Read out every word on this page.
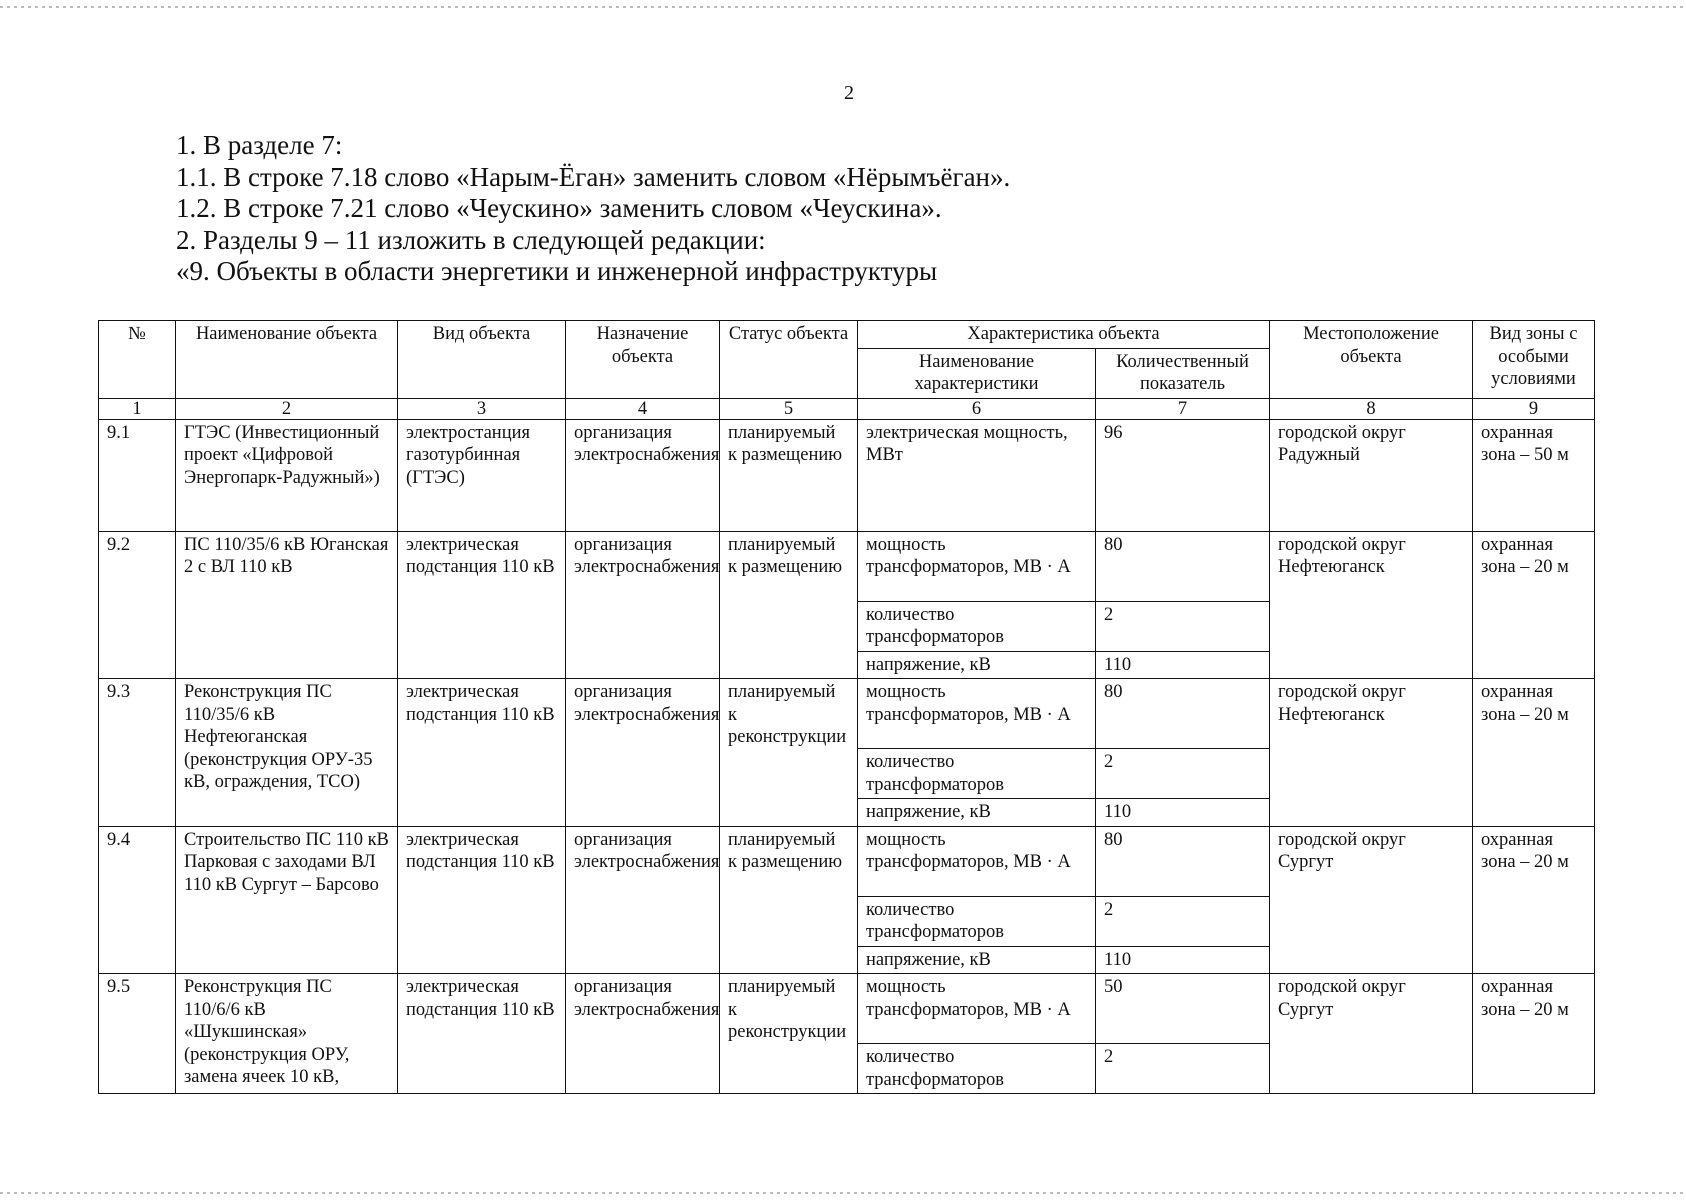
2

1. В разделе 7:

1.1. В строке 7.18 слово «Нарым-Ёган» заменить словом «Нёрымъёган».

1.2. В строке 7.21 слово «Чеускино» заменить словом «Чеускина».

2. Разделы 9 – 11 изложить в следующей редакции:

«9. Объекты в области энергетики и инженерной инфраструктуры

№	Наименование объекта	Вид объекта	Назначение объекта	Статус объекта	Характеристика объекта		Местоположение объекта	Вид зоны с особыми условиями
					Наименование характеристики	Количественный показатель		
1	2	3	4	5	6	7	8	9
9.1	ГТЭС (Инвестиционный проект «Цифровой Энергопарк-Радужный»)	электростанция газотурбинная (ГТЭС)	организация электроснабжения	планируемый к размещению	электрическая мощность, МВт	96	городской округ Радужный	охранная зона – 50 м
9.2	ПС 110/35/6 кВ Юганская 2 с ВЛ 110 кВ	электрическая подстанция 110 кВ	организация электроснабжения	планируемый к размещению	мощность трансформаторов, МВ · А	80	городской округ Нефтеюганск	охранная зона – 20 м
					количество трансформаторов	2		
					напряжение, кВ	110		
9.3	Реконструкция ПС 110/35/6 кВ Нефтеюганская (реконструкция ОРУ-35 кВ, ограждения, ТСО)	электрическая подстанция 110 кВ	организация электроснабжения	планируемый к реконструкции	мощность трансформаторов, МВ · А	80	городской округ Нефтеюганск	охранная зона – 20 м
					количество трансформаторов	2		
					напряжение, кВ	110		
9.4	Строительство ПС 110 кВ Парковая с заходами ВЛ 110 кВ Сургут – Барсово	электрическая подстанция 110 кВ	организация электроснабжения	планируемый к размещению	мощность трансформаторов, МВ · А	80	городской округ Сургут	охранная зона – 20 м
					количество трансформаторов	2		
					напряжение, кВ	110		
9.5	Реконструкция ПС 110/6/6 кВ «Шукшинская» (реконструкция ОРУ, замена ячеек 10 кВ,	электрическая подстанция 110 кВ	организация электроснабжения	планируемый к реконструкции	мощность трансформаторов, МВ · А	50	городской округ Сургут	охранная зона – 20 м
					количество трансформаторов	2		
